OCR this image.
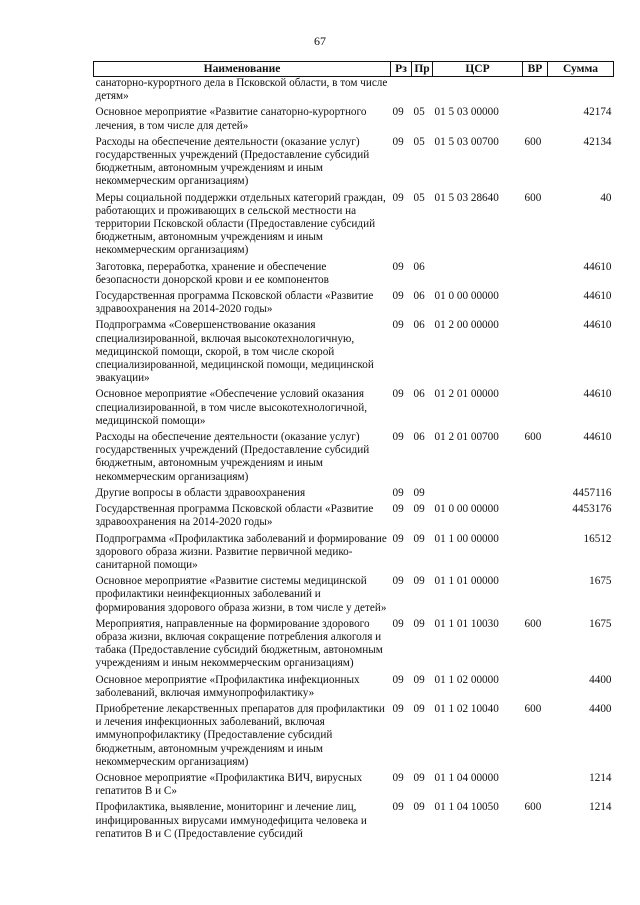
67
Наименование	Рз	Пр	ЦСР	ВР	Сумма
санаторно-курортного дела в Псковской области, в том числе детям»					
Основное мероприятие «Развитие санаторно-курортного лечения, в том числе для детей»	09	05	01 5 03 00000		42174
Расходы на обеспечение деятельности (оказание услуг) государственных учреждений (Предоставление субсидий бюджетным, автономным учреждениям и иным некоммерческим организациям)	09	05	01 5 03 00700	600	42134
Меры социальной поддержки отдельных категорий граждан, работающих и проживающих в сельской местности на территории Псковской области (Предоставление субсидий бюджетным, автономным учреждениям и иным некоммерческим организациям)	09	05	01 5 03 28640	600	40
Заготовка, переработка, хранение и обеспечение безопасности донорской крови и ее компонентов	09	06			44610
Государственная программа Псковской области «Развитие здравоохранения на 2014-2020 годы»	09	06	01 0 00 00000		44610
Подпрограмма «Совершенствование оказания специализированной, включая высокотехнологичную, медицинской помощи, скорой, в том числе скорой специализированной, медицинской помощи, медицинской эвакуации»	09	06	01 2 00 00000		44610
Основное мероприятие «Обеспечение условий оказания специализированной, в том числе высокотехнологичной, медицинской помощи»	09	06	01 2 01 00000		44610
Расходы на обеспечение деятельности (оказание услуг) государственных учреждений (Предоставление субсидий бюджетным, автономным учреждениям и иным некоммерческим организациям)	09	06	01 2 01 00700	600	44610
Другие вопросы в области здравоохранения	09	09			4457116
Государственная программа Псковской области «Развитие здравоохранения на 2014-2020 годы»	09	09	01 0 00 00000		4453176
Подпрограмма «Профилактика заболеваний и формирование здорового образа жизни. Развитие первичной медико-санитарной помощи»	09	09	01 1 00 00000		16512
Основное мероприятие «Развитие системы медицинской профилактики неинфекционных заболеваний и формирования здорового образа жизни, в том числе у детей»	09	09	01 1 01 00000		1675
Мероприятия, направленные на формирование здорового образа жизни, включая сокращение потребления алкоголя и табака (Предоставление субсидий бюджетным, автономным учреждениям и иным некоммерческим организациям)	09	09	01 1 01 10030	600	1675
Основное мероприятие «Профилактика инфекционных заболеваний, включая иммунопрофилактику»	09	09	01 1 02 00000		4400
Приобретение лекарственных препаратов для профилактики и лечения инфекционных заболеваний, включая иммунопрофилактику (Предоставление субсидий бюджетным, автономным учреждениям и иным некоммерческим организациям)	09	09	01 1 02 10040	600	4400
Основное мероприятие «Профилактика ВИЧ, вирусных гепатитов В и С»	09	09	01 1 04 00000		1214
Профилактика, выявление, мониторинг и лечение лиц, инфицированных вирусами иммунодефицита человека и гепатитов В и С (Предоставление субсидий	09	09	01 1 04 10050	600	1214
